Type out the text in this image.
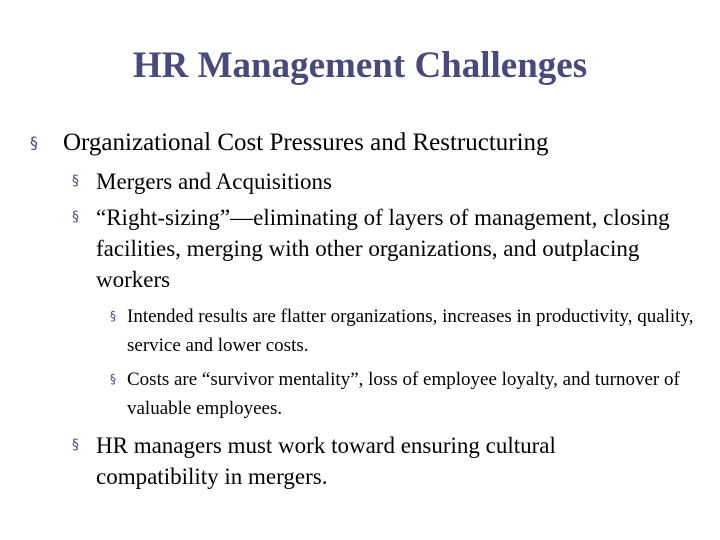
HR Management Challenges
§	Organizational Cost Pressures and Restructuring
§ Mergers and Acquisitions
§ “Right-sizing”—eliminating of layers of management, closing facilities, merging with other organizations, and outplacing workers
§ Intended results are flatter organizations, increases in productivity, quality, service and lower costs.
§ Costs are “survivor mentality”, loss of employee loyalty, and turnover of valuable employees.
§ HR managers must work toward ensuring cultural compatibility in mergers.
